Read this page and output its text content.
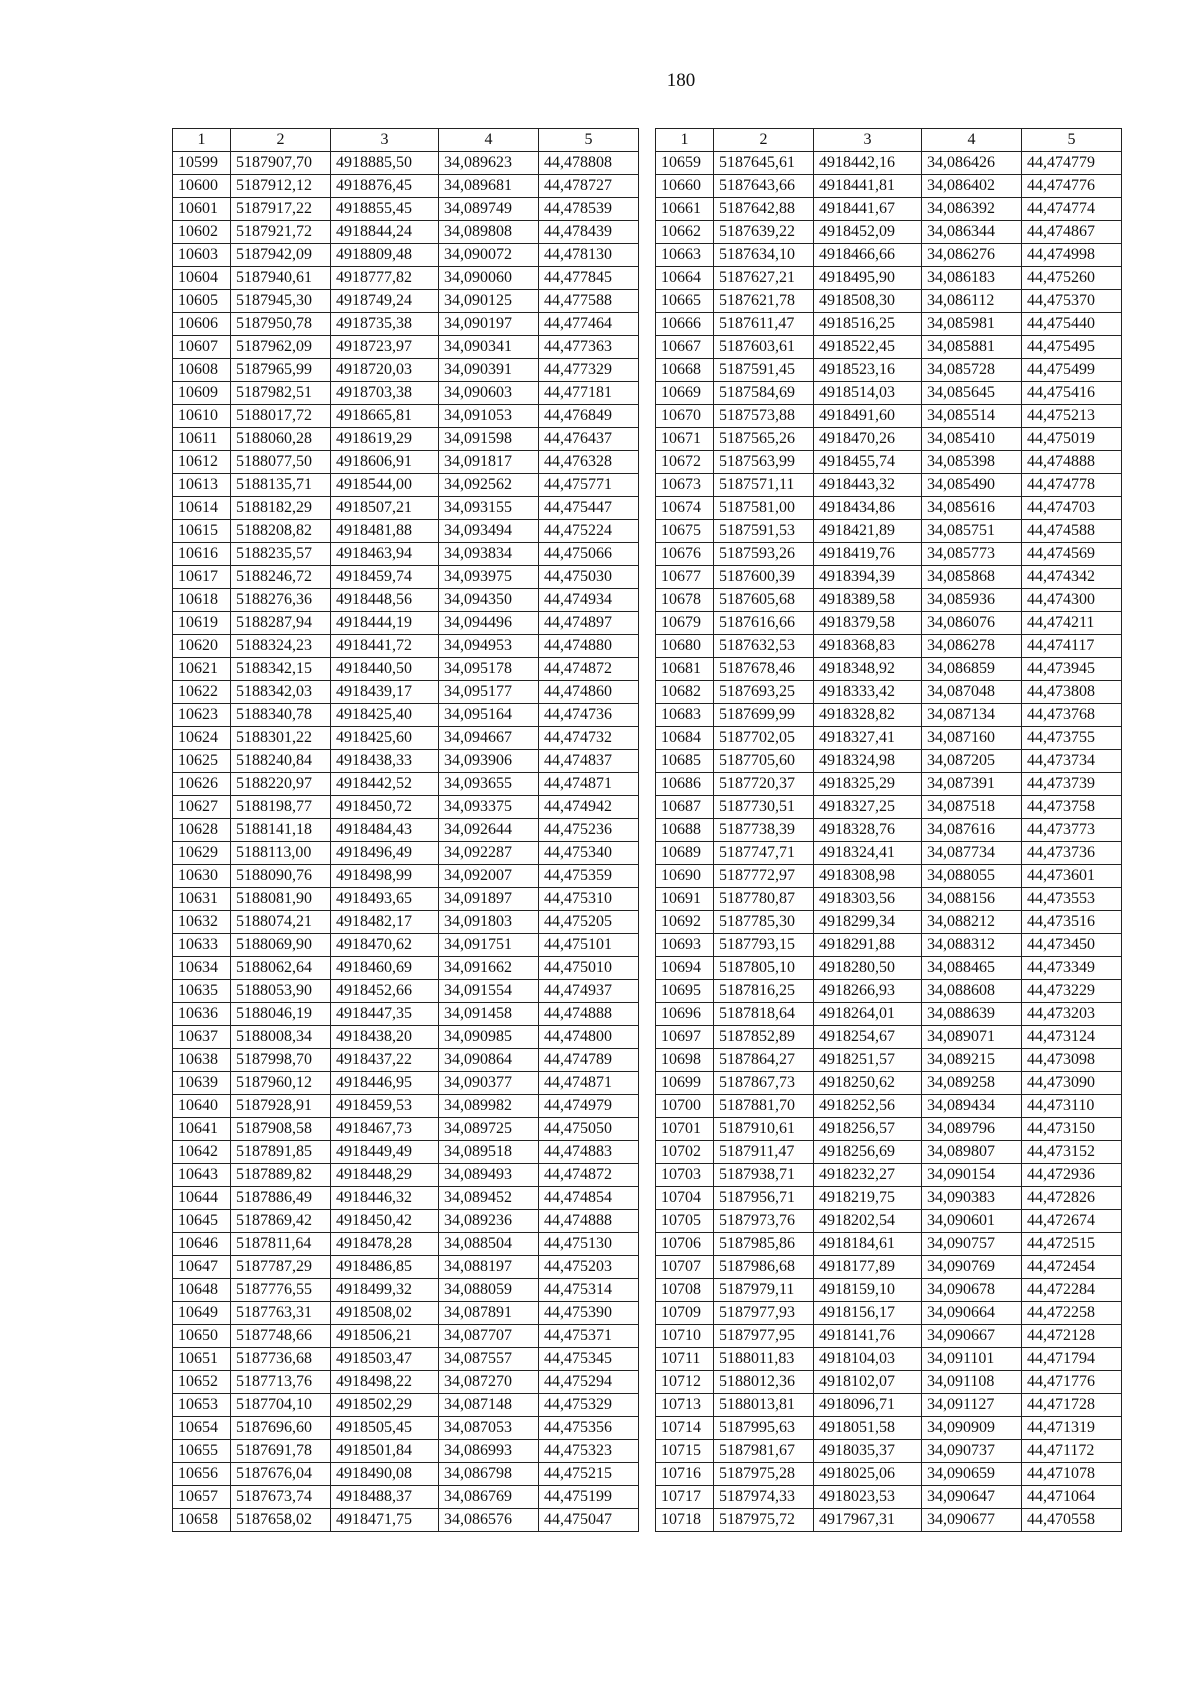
180
1	2	3	4	5
10599	5187907,70	4918885,50	34,089623	44,478808
10600	5187912,12	4918876,45	34,089681	44,478727
10601	5187917,22	4918855,45	34,089749	44,478539
10602	5187921,72	4918844,24	34,089808	44,478439
10603	5187942,09	4918809,48	34,090072	44,478130
10604	5187940,61	4918777,82	34,090060	44,477845
10605	5187945,30	4918749,24	34,090125	44,477588
10606	5187950,78	4918735,38	34,090197	44,477464
10607	5187962,09	4918723,97	34,090341	44,477363
10608	5187965,99	4918720,03	34,090391	44,477329
10609	5187982,51	4918703,38	34,090603	44,477181
10610	5188017,72	4918665,81	34,091053	44,476849
10611	5188060,28	4918619,29	34,091598	44,476437
10612	5188077,50	4918606,91	34,091817	44,476328
10613	5188135,71	4918544,00	34,092562	44,475771
10614	5188182,29	4918507,21	34,093155	44,475447
10615	5188208,82	4918481,88	34,093494	44,475224
10616	5188235,57	4918463,94	34,093834	44,475066
10617	5188246,72	4918459,74	34,093975	44,475030
10618	5188276,36	4918448,56	34,094350	44,474934
10619	5188287,94	4918444,19	34,094496	44,474897
10620	5188324,23	4918441,72	34,094953	44,474880
10621	5188342,15	4918440,50	34,095178	44,474872
10622	5188342,03	4918439,17	34,095177	44,474860
10623	5188340,78	4918425,40	34,095164	44,474736
10624	5188301,22	4918425,60	34,094667	44,474732
10625	5188240,84	4918438,33	34,093906	44,474837
10626	5188220,97	4918442,52	34,093655	44,474871
10627	5188198,77	4918450,72	34,093375	44,474942
10628	5188141,18	4918484,43	34,092644	44,475236
10629	5188113,00	4918496,49	34,092287	44,475340
10630	5188090,76	4918498,99	34,092007	44,475359
10631	5188081,90	4918493,65	34,091897	44,475310
10632	5188074,21	4918482,17	34,091803	44,475205
10633	5188069,90	4918470,62	34,091751	44,475101
10634	5188062,64	4918460,69	34,091662	44,475010
10635	5188053,90	4918452,66	34,091554	44,474937
10636	5188046,19	4918447,35	34,091458	44,474888
10637	5188008,34	4918438,20	34,090985	44,474800
10638	5187998,70	4918437,22	34,090864	44,474789
10639	5187960,12	4918446,95	34,090377	44,474871
10640	5187928,91	4918459,53	34,089982	44,474979
10641	5187908,58	4918467,73	34,089725	44,475050
10642	5187891,85	4918449,49	34,089518	44,474883
10643	5187889,82	4918448,29	34,089493	44,474872
10644	5187886,49	4918446,32	34,089452	44,474854
10645	5187869,42	4918450,42	34,089236	44,474888
10646	5187811,64	4918478,28	34,088504	44,475130
10647	5187787,29	4918486,85	34,088197	44,475203
10648	5187776,55	4918499,32	34,088059	44,475314
10649	5187763,31	4918508,02	34,087891	44,475390
10650	5187748,66	4918506,21	34,087707	44,475371
10651	5187736,68	4918503,47	34,087557	44,475345
10652	5187713,76	4918498,22	34,087270	44,475294
10653	5187704,10	4918502,29	34,087148	44,475329
10654	5187696,60	4918505,45	34,087053	44,475356
10655	5187691,78	4918501,84	34,086993	44,475323
10656	5187676,04	4918490,08	34,086798	44,475215
10657	5187673,74	4918488,37	34,086769	44,475199
10658	5187658,02	4918471,75	34,086576	44,475047
1	2	3	4	5
10659	5187645,61	4918442,16	34,086426	44,474779
10660	5187643,66	4918441,81	34,086402	44,474776
10661	5187642,88	4918441,67	34,086392	44,474774
10662	5187639,22	4918452,09	34,086344	44,474867
10663	5187634,10	4918466,66	34,086276	44,474998
10664	5187627,21	4918495,90	34,086183	44,475260
10665	5187621,78	4918508,30	34,086112	44,475370
10666	5187611,47	4918516,25	34,085981	44,475440
10667	5187603,61	4918522,45	34,085881	44,475495
10668	5187591,45	4918523,16	34,085728	44,475499
10669	5187584,69	4918514,03	34,085645	44,475416
10670	5187573,88	4918491,60	34,085514	44,475213
10671	5187565,26	4918470,26	34,085410	44,475019
10672	5187563,99	4918455,74	34,085398	44,474888
10673	5187571,11	4918443,32	34,085490	44,474778
10674	5187581,00	4918434,86	34,085616	44,474703
10675	5187591,53	4918421,89	34,085751	44,474588
10676	5187593,26	4918419,76	34,085773	44,474569
10677	5187600,39	4918394,39	34,085868	44,474342
10678	5187605,68	4918389,58	34,085936	44,474300
10679	5187616,66	4918379,58	34,086076	44,474211
10680	5187632,53	4918368,83	34,086278	44,474117
10681	5187678,46	4918348,92	34,086859	44,473945
10682	5187693,25	4918333,42	34,087048	44,473808
10683	5187699,99	4918328,82	34,087134	44,473768
10684	5187702,05	4918327,41	34,087160	44,473755
10685	5187705,60	4918324,98	34,087205	44,473734
10686	5187720,37	4918325,29	34,087391	44,473739
10687	5187730,51	4918327,25	34,087518	44,473758
10688	5187738,39	4918328,76	34,087616	44,473773
10689	5187747,71	4918324,41	34,087734	44,473736
10690	5187772,97	4918308,98	34,088055	44,473601
10691	5187780,87	4918303,56	34,088156	44,473553
10692	5187785,30	4918299,34	34,088212	44,473516
10693	5187793,15	4918291,88	34,088312	44,473450
10694	5187805,10	4918280,50	34,088465	44,473349
10695	5187816,25	4918266,93	34,088608	44,473229
10696	5187818,64	4918264,01	34,088639	44,473203
10697	5187852,89	4918254,67	34,089071	44,473124
10698	5187864,27	4918251,57	34,089215	44,473098
10699	5187867,73	4918250,62	34,089258	44,473090
10700	5187881,70	4918252,56	34,089434	44,473110
10701	5187910,61	4918256,57	34,089796	44,473150
10702	5187911,47	4918256,69	34,089807	44,473152
10703	5187938,71	4918232,27	34,090154	44,472936
10704	5187956,71	4918219,75	34,090383	44,472826
10705	5187973,76	4918202,54	34,090601	44,472674
10706	5187985,86	4918184,61	34,090757	44,472515
10707	5187986,68	4918177,89	34,090769	44,472454
10708	5187979,11	4918159,10	34,090678	44,472284
10709	5187977,93	4918156,17	34,090664	44,472258
10710	5187977,95	4918141,76	34,090667	44,472128
10711	5188011,83	4918104,03	34,091101	44,471794
10712	5188012,36	4918102,07	34,091108	44,471776
10713	5188013,81	4918096,71	34,091127	44,471728
10714	5187995,63	4918051,58	34,090909	44,471319
10715	5187981,67	4918035,37	34,090737	44,471172
10716	5187975,28	4918025,06	34,090659	44,471078
10717	5187974,33	4918023,53	34,090647	44,471064
10718	5187975,72	4917967,31	34,090677	44,470558
